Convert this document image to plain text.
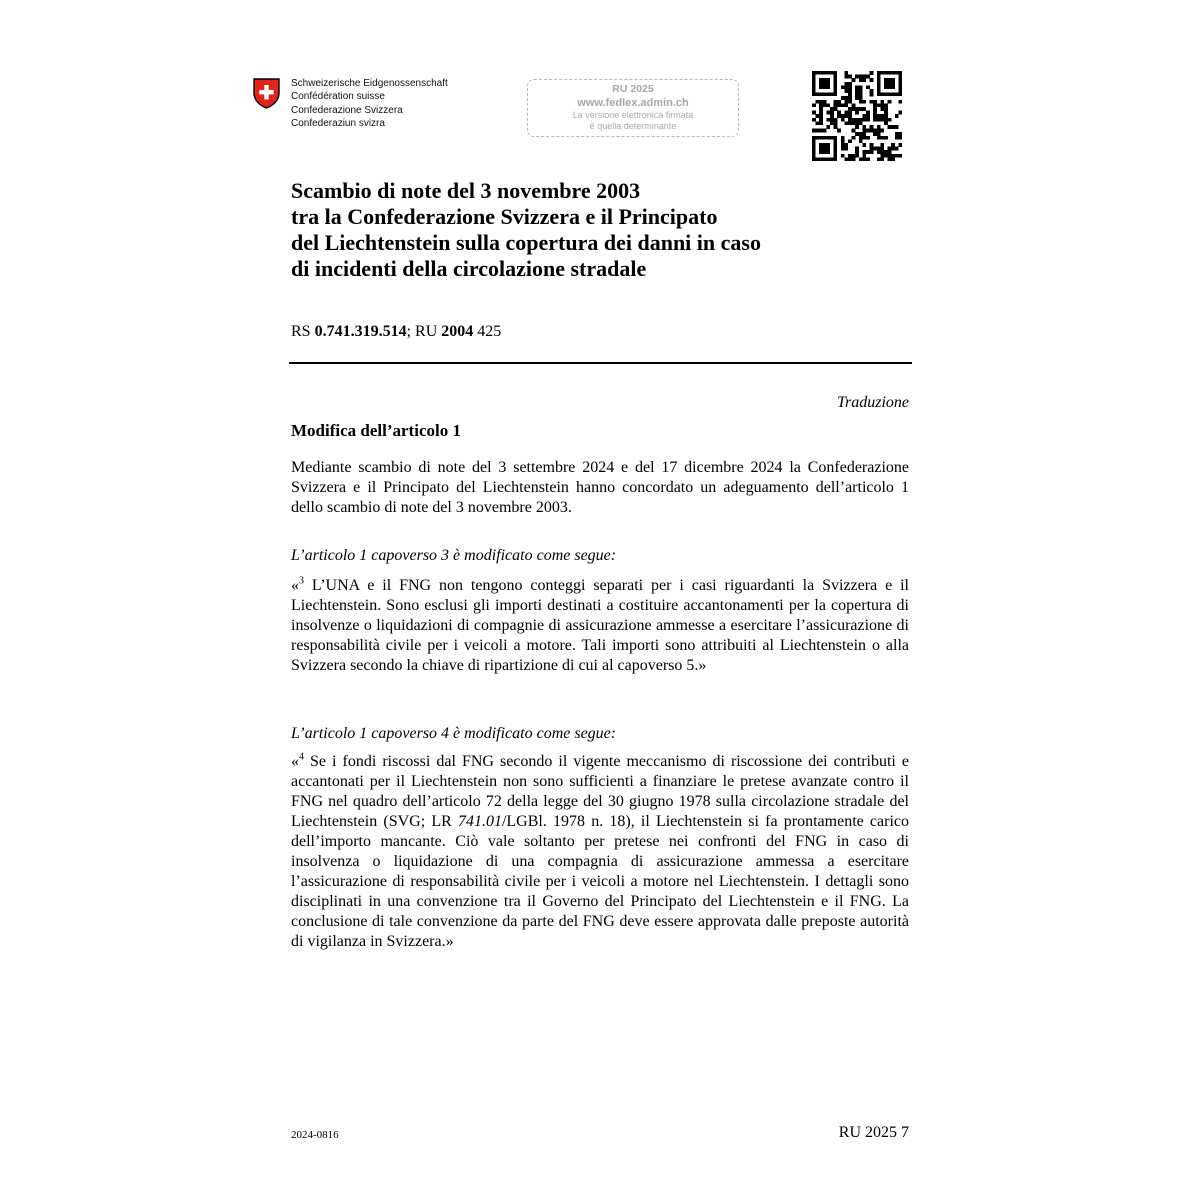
Schweizerische Eidgenossenschaft
Confédération suisse
Confederazione Svizzera
Confederaziun svizra
RU 2025
www.fedlex.admin.ch
La versione elettronica firmata
è quella determinante
Scambio di note del 3 novembre 2003
tra la Confederazione Svizzera e il Principato
del Liechtenstein sulla copertura dei danni in caso
di incidenti della circolazione stradale
RS 0.741.319.514; RU 2004 425
Traduzione
Modifica dell’articolo 1
Mediante scambio di note del 3 settembre 2024 e del 17 dicembre 2024 la Confederazione Svizzera e il Principato del Liechtenstein hanno concordato un adeguamento dell’articolo 1 dello scambio di note del 3 novembre 2003.
L’articolo 1 capoverso 3 è modificato come segue:
«$^3$ L’UNA e il FNG non tengono conteggi separati per i casi riguardanti la Svizzera e il Liechtenstein. Sono esclusi gli importi destinati a costituire accantonamenti per la copertura di insolvenze o liquidazioni di compagnie di assicurazione ammesse a esercitare l’assicurazione di responsabilità civile per i veicoli a motore. Tali importi sono attribuiti al Liechtenstein o alla Svizzera secondo la chiave di ripartizione di cui al capoverso 5.»
L’articolo 1 capoverso 4 è modificato come segue:
«$^4$ Se i fondi riscossi dal FNG secondo il vigente meccanismo di riscossione dei contributi e accantonati per il Liechtenstein non sono sufficienti a finanziare le pretese avanzate contro il FNG nel quadro dell’articolo 72 della legge del 30 giugno 1978 sulla circolazione stradale del Liechtenstein (SVG; LR 741.01/LGBl. 1978 n. 18), il Liechtenstein si fa prontamente carico dell’importo mancante. Ciò vale soltanto per pretese nei confronti del FNG in caso di insolvenza o liquidazione di una compagnia di assicurazione ammessa a esercitare l’assicurazione di responsabilità civile per i veicoli a motore nel Liechtenstein. I dettagli sono disciplinati in una convenzione tra il Governo del Principato del Liechtenstein e il FNG. La conclusione di tale convenzione da parte del FNG deve essere approvata dalle preposte autorità di vigilanza in Svizzera.»
2024-0816	RU 2025 7
